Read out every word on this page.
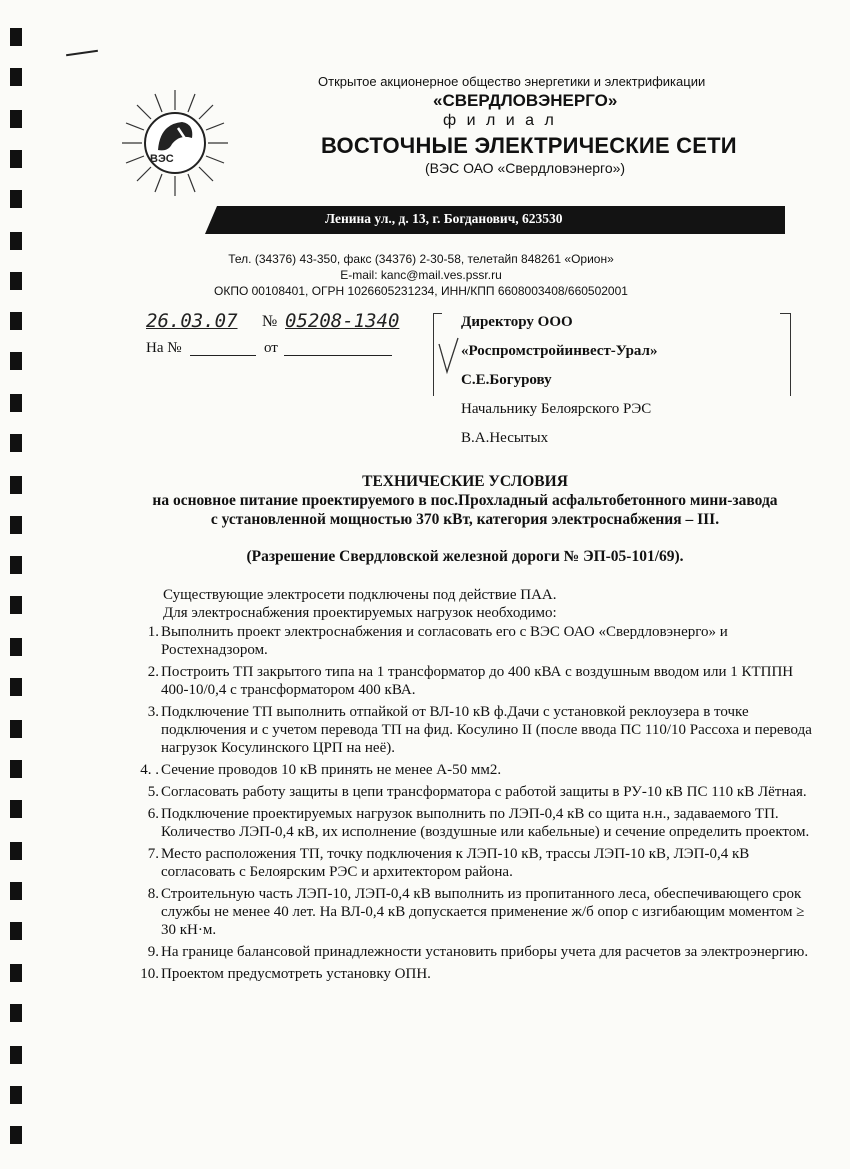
ВЭС
Открытое акционерное общество энергетики и электрификации
«СВЕРДЛОВЭНЕРГО»
ф и л и а л
ВОСТОЧНЫЕ ЭЛЕКТРИЧЕСКИЕ СЕТИ
(ВЭС ОАО «Свердловэнерго»)
Ленина ул., д. 13, г. Богданович, 623530
Тел. (34376) 43-350, факс (34376) 2-30-58, телетайп 848261 «Орион»
E-mail: kanc@mail.ves.pssr.ru
ОКПО 00108401, ОГРН 1026605231234, ИНН/КПП 6608003408/660502001
26.03.07 № 05208-1340
На №	от
Директору ООО
«Роспромстройинвест-Урал»
С.Е.Богурову
Начальнику Белоярского РЭС
В.А.Несытых
ТЕХНИЧЕСКИЕ УСЛОВИЯ
на основное питание проектируемого в пос.Прохладный асфальтобетонного мини-завода
с установленной мощностью 370 кВт, категория электроснабжения – III.
(Разрешение Свердловской железной дороги № ЭП-05-101/69).
Существующие электросети подключены под действие ПАА.
Для электроснабжения проектируемых нагрузок необходимо:
1. Выполнить проект электроснабжения и согласовать его с ВЭС ОАО «Свердловэнерго» и Ростехнадзором.
2. Построить ТП закрытого типа на 1 трансформатор до 400 кВА с воздушным вводом или 1 КТППН 400-10/0,4 с трансформатором 400 кВА.
3. Подключение ТП выполнить отпайкой от ВЛ-10 кВ ф.Дачи с установкой реклоузера в точке подключения и с учетом перевода ТП на фид. Косулино II (после ввода ПС 110/10 Рассоха и перевода нагрузок Косулинского ЦРП на неё).
4. . Сечение проводов 10 кВ принять не менее А-50 мм2.
5. Согласовать работу защиты в цепи трансформатора с работой защиты в РУ-10 кВ ПС 110 кВ Лётная.
6. Подключение проектируемых нагрузок выполнить по ЛЭП-0,4 кВ со щита н.н., задаваемого ТП. Количество ЛЭП-0,4 кВ, их исполнение (воздушные или кабельные) и сечение определить проектом.
7. Место расположения ТП, точку подключения к ЛЭП-10 кВ, трассы ЛЭП-10 кВ, ЛЭП-0,4 кВ согласовать с Белоярским РЭС и архитектором района.
8. Строительную часть ЛЭП-10, ЛЭП-0,4 кВ выполнить из пропитанного леса, обеспечивающего срок службы не менее 40 лет. На ВЛ-0,4 кВ допускается применение ж/б опор с изгибающим моментом ≥ 30 кН·м.
9. На границе балансовой принадлежности установить приборы учета для расчетов за электроэнергию.
10. Проектом предусмотреть установку ОПН.
